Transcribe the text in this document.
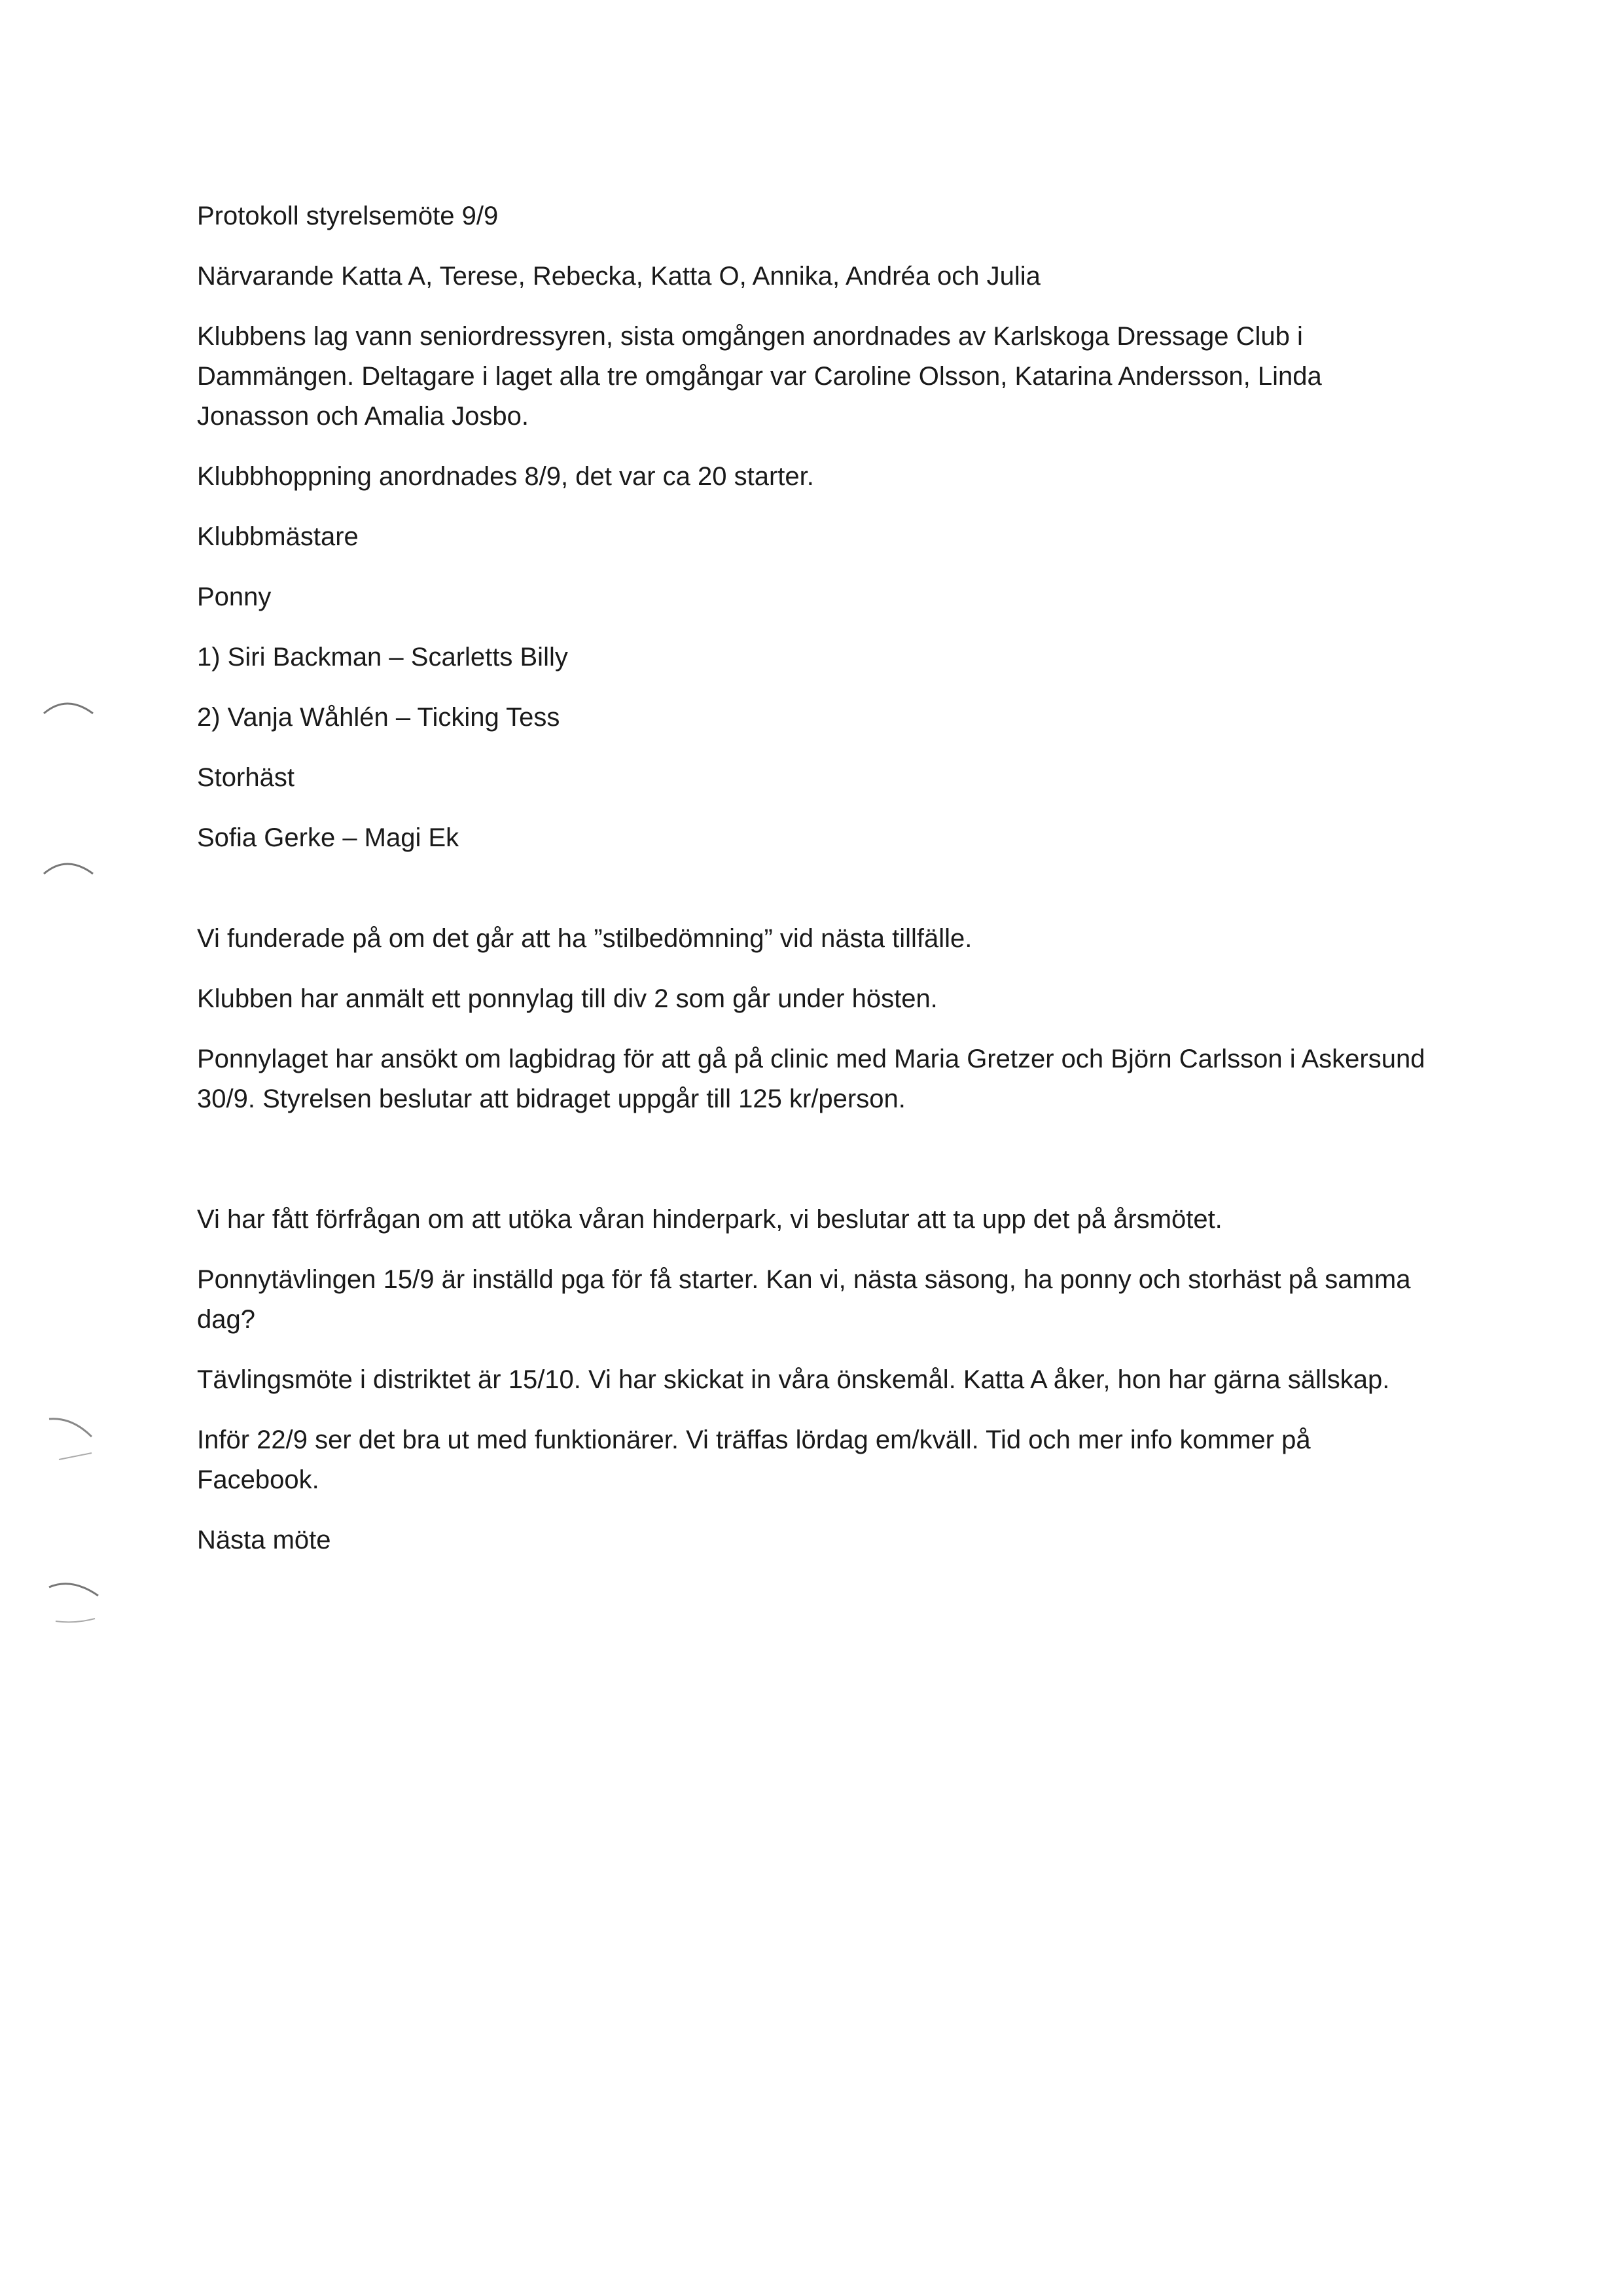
Protokoll styrelsemöte 9/9

Närvarande Katta A, Terese, Rebecka, Katta O, Annika, Andréa och Julia

Klubbens lag vann seniordressyren, sista omgången anordnades av Karlskoga Dressage Club i Dammängen. Deltagare i laget alla tre omgångar var Caroline Olsson, Katarina Andersson, Linda Jonasson och Amalia Josbo.

Klubbhoppning anordnades 8/9, det var ca 20 starter.

Klubbmästare

Ponny

1) Siri Backman – Scarletts Billy

2) Vanja Wåhlén – Ticking Tess

Storhäst

Sofia Gerke – Magi Ek

Vi funderade på om det går att ha ”stilbedömning” vid nästa tillfälle.

Klubben har anmält ett ponnylag till div 2 som går under hösten.

Ponnylaget har ansökt om lagbidrag för att gå på clinic med Maria Gretzer och Björn Carlsson i Askersund 30/9. Styrelsen beslutar att bidraget uppgår till 125 kr/person.

Vi har fått förfrågan om att utöka våran hinderpark, vi beslutar att ta upp det på årsmötet.

Ponnytävlingen 15/9 är inställd pga för få starter. Kan vi, nästa säsong, ha ponny och storhäst på samma dag?

Tävlingsmöte i distriktet är 15/10. Vi har skickat in våra önskemål. Katta A åker, hon har gärna sällskap.

Inför 22/9 ser det bra ut med funktionärer. Vi träffas lördag em/kväll. Tid och mer info kommer på Facebook.

Nästa möte
